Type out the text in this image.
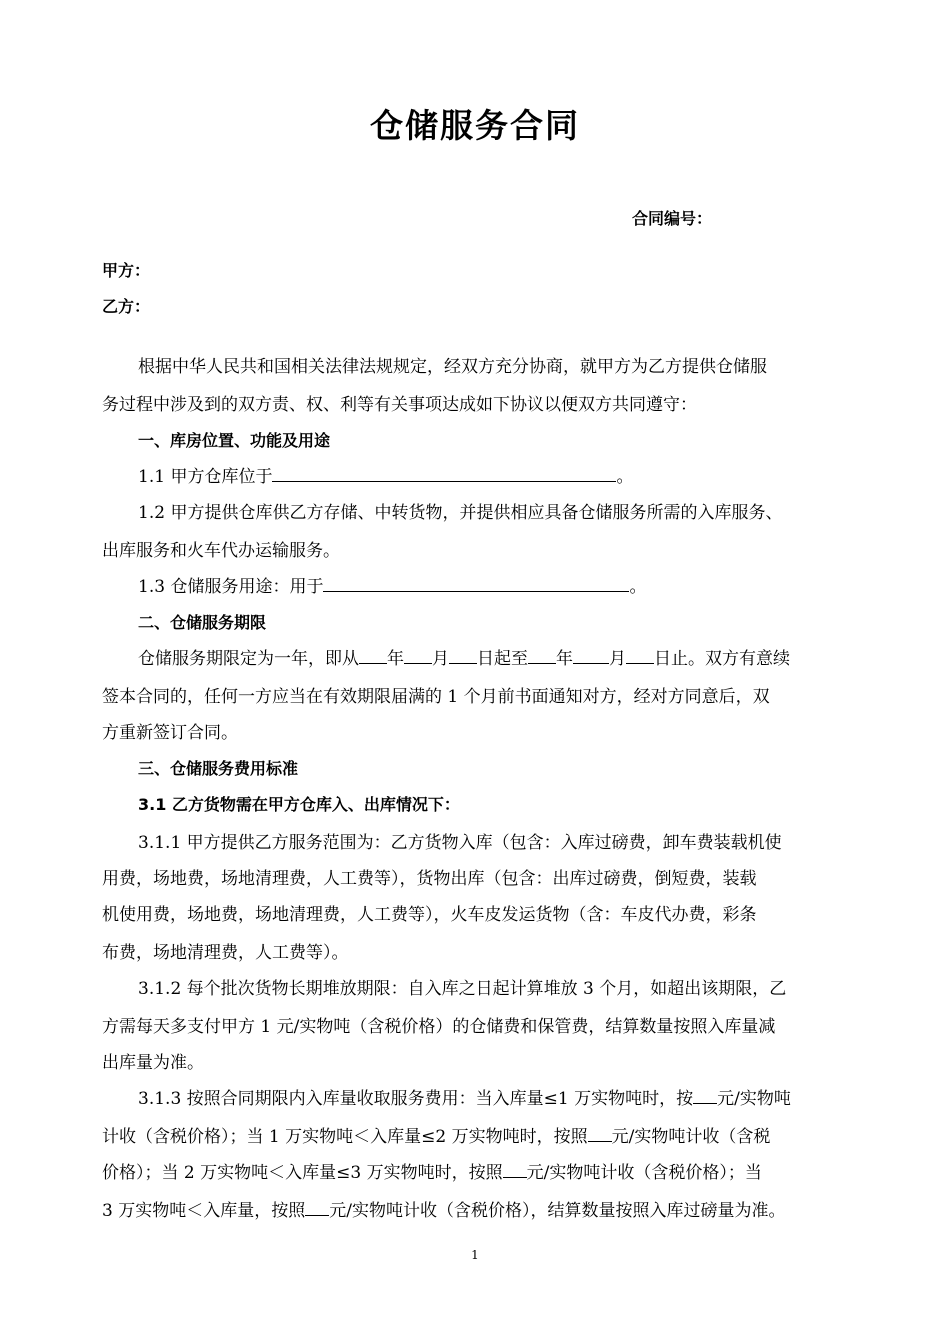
仓储服务合同
合同编号：
甲方：
乙方：
根据中华人民共和国相关法律法规规定，经双方充分协商，就甲方为乙方提供仓储服
务过程中涉及到的双方责、权、利等有关事项达成如下协议以便双方共同遵守：
一、库房位置、功能及用途
1.1 甲方仓库位于	。
1.2 甲方提供仓库供乙方存储、中转货物，并提供相应具备仓储服务所需的入库服务、
出库服务和火车代办运输服务。
1.3 仓储服务用途：用于	。
二、仓储服务期限
仓储服务期限定为一年，即从 年 月 日起至 年 月 日止。双方有意续
签本合同的，任何一方应当在有效期限届满的 1 个月前书面通知对方，经对方同意后，双
方重新签订合同。
三、仓储服务费用标准
3.1 乙方货物需在甲方仓库入、出库情况下：
3.1.1 甲方提供乙方服务范围为：乙方货物入库（包含：入库过磅费，卸车费装载机使
用费，场地费，场地清理费，人工费等），货物出库（包含：出库过磅费，倒短费，装载
机使用费，场地费，场地清理费，人工费等），火车皮发运货物（含：车皮代办费，彩条
布费，场地清理费，人工费等）。
3.1.2 每个批次货物长期堆放期限：自入库之日起计算堆放 3 个月，如超出该期限，乙
方需每天多支付甲方 1 元/实物吨（含税价格）的仓储费和保管费，结算数量按照入库量减
出库量为准。
3.1.3 按照合同期限内入库量收取服务费用：当入库量≤1 万实物吨时，按 元/实物吨
计收（含税价格）；当 1 万实物吨＜入库量≤2 万实物吨时，按照 元/实物吨计收（含税
价格）；当 2 万实物吨＜入库量≤3 万实物吨时，按照 元/实物吨计收（含税价格）；当
3 万实物吨＜入库量，按照 元/实物吨计收（含税价格），结算数量按照入库过磅量为准。
1
